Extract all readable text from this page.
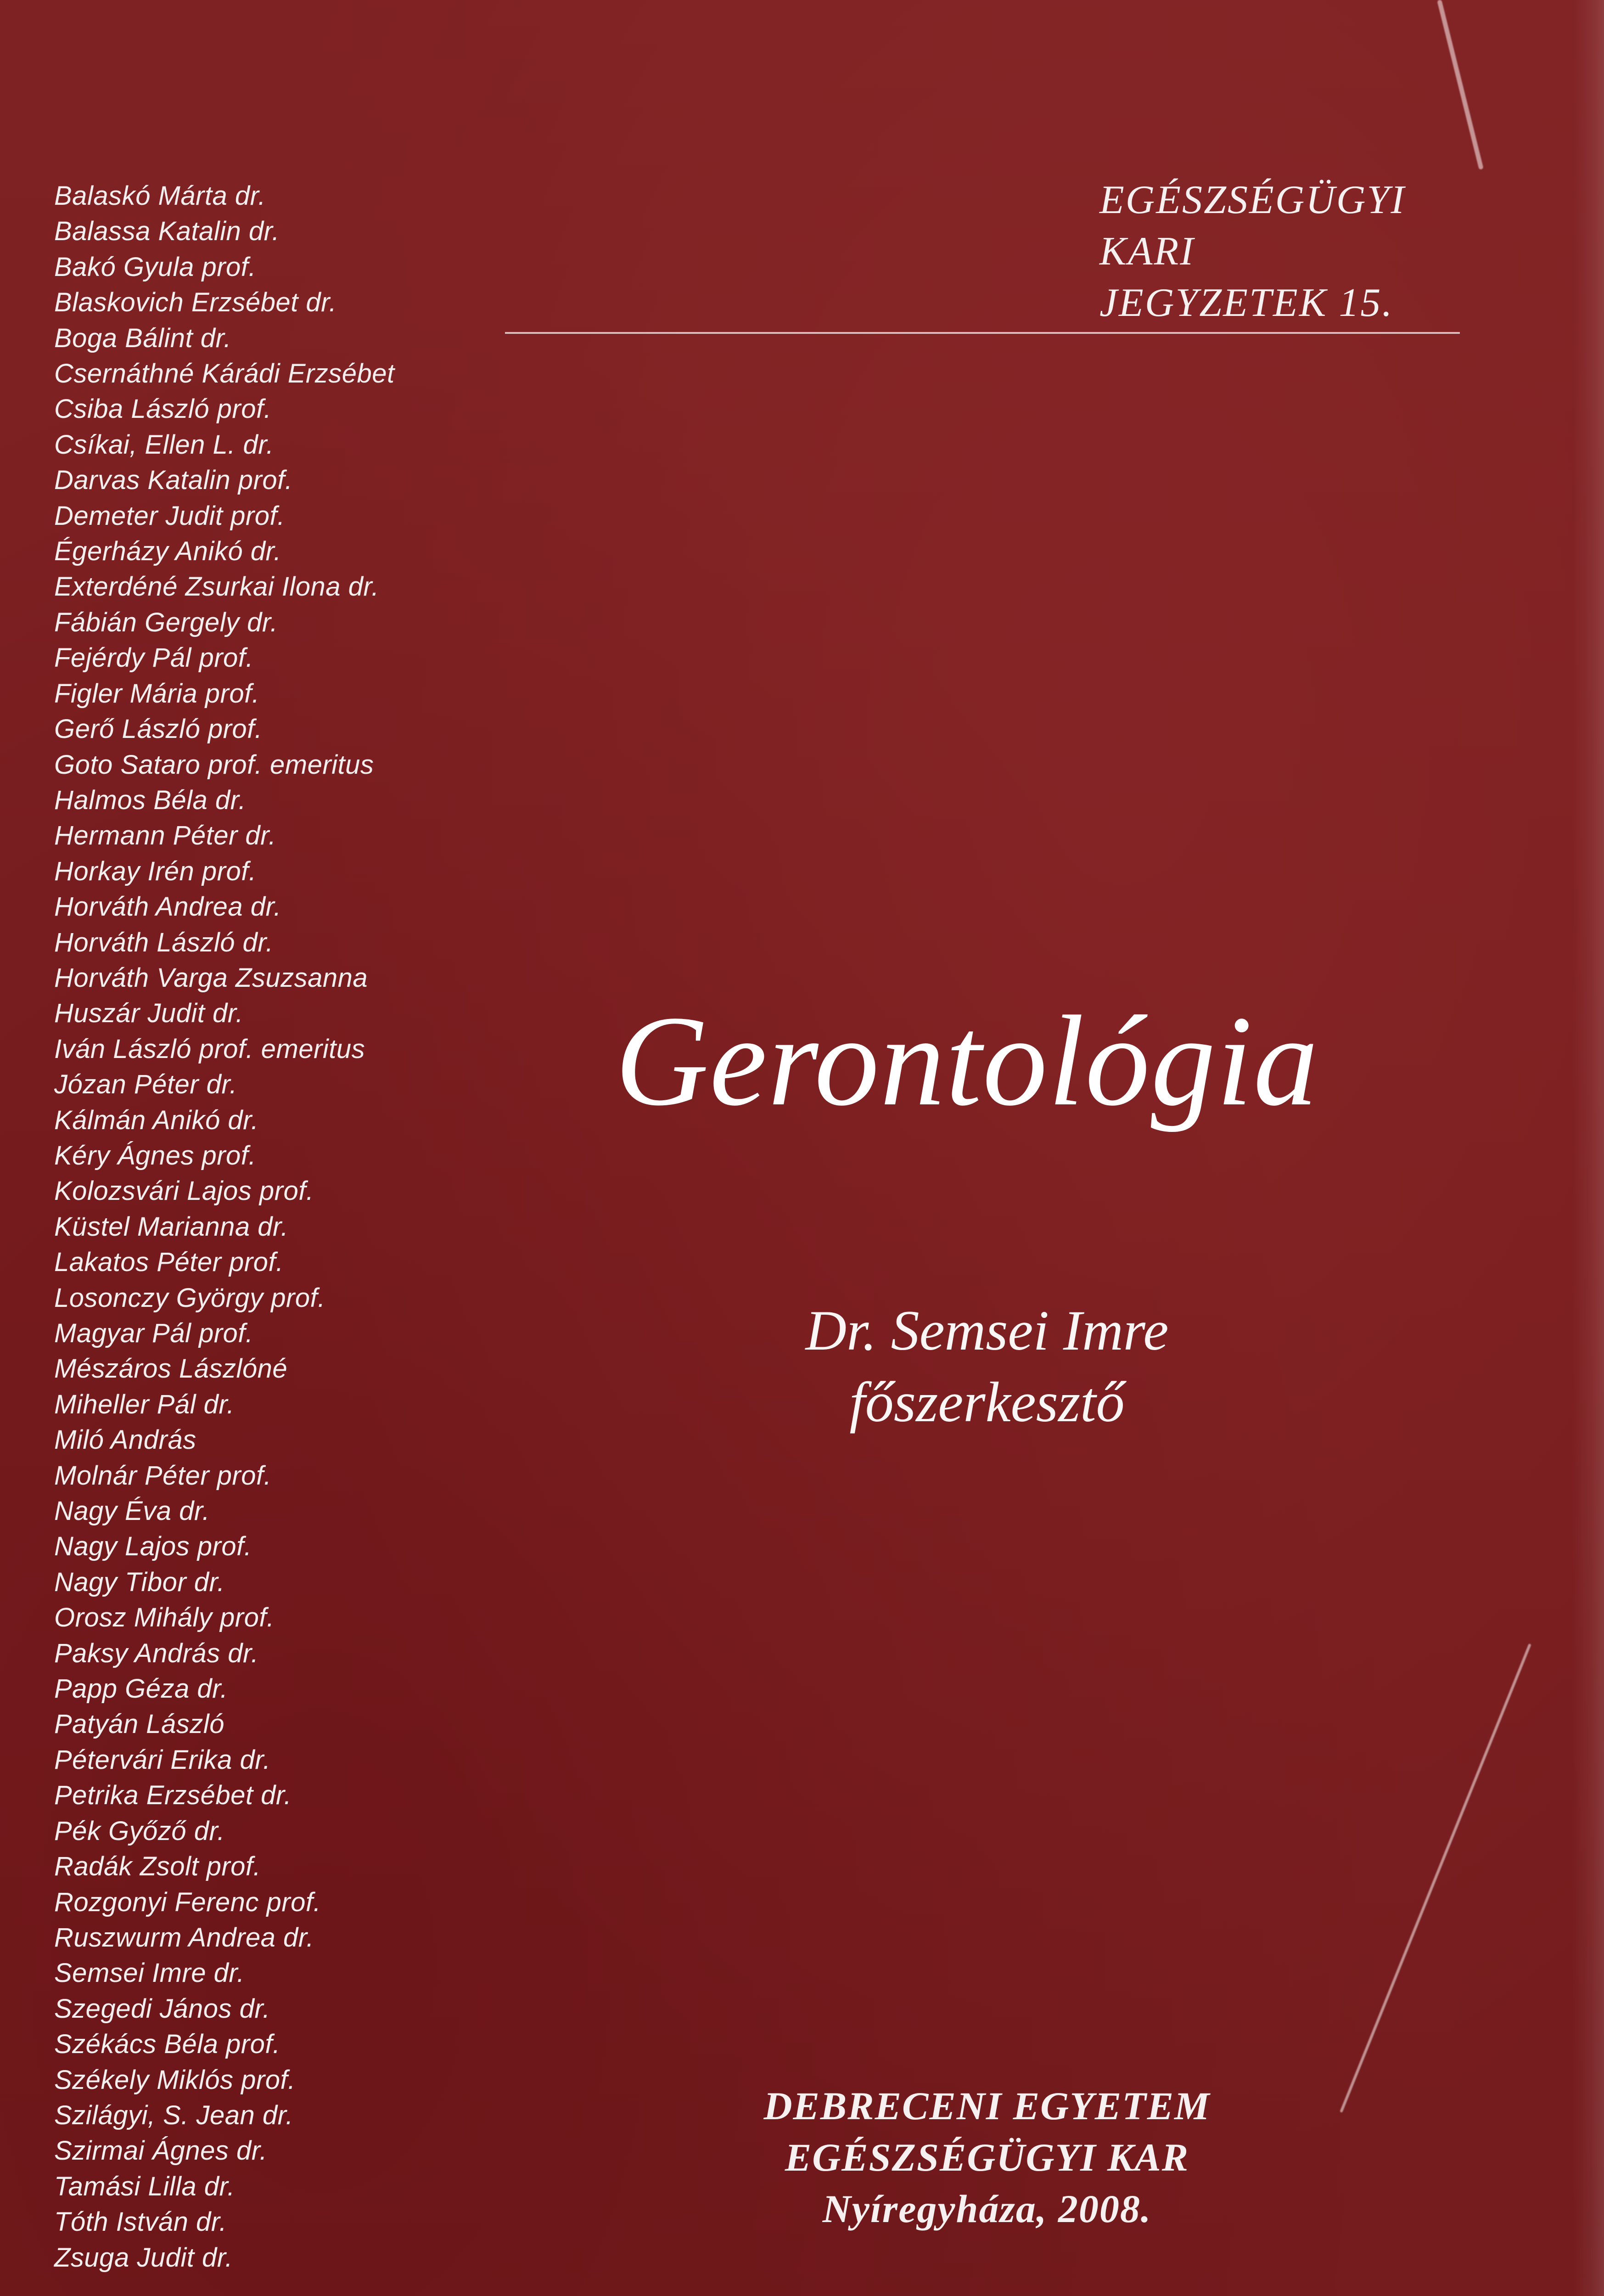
Balaskó Márta dr.
Balassa Katalin dr.
Bakó Gyula prof.
Blaskovich Erzsébet dr.
Boga Bálint dr.
Csernáthné Kárádi Erzsébet
Csiba László prof.
Csíkai, Ellen L. dr.
Darvas Katalin prof.
Demeter Judit prof.
Égerházy Anikó dr.
Exterdéné Zsurkai Ilona dr.
Fábián Gergely dr.
Fejérdy Pál prof.
Figler Mária prof.
Gerő László prof.
Goto Sataro prof. emeritus
Halmos Béla dr.
Hermann Péter dr.
Horkay Irén prof.
Horváth Andrea dr.
Horváth László dr.
Horváth Varga Zsuzsanna
Huszár Judit dr.
Iván László prof. emeritus
Józan Péter dr.
Kálmán Anikó dr.
Kéry Ágnes prof.
Kolozsvári Lajos prof.
Küstel Marianna dr.
Lakatos Péter prof.
Losonczy György prof.
Magyar Pál prof.
Mészáros Lászlóné
Miheller Pál dr.
Miló András
Molnár Péter prof.
Nagy Éva dr.
Nagy Lajos prof.
Nagy Tibor dr.
Orosz Mihály prof.
Paksy András dr.
Papp Géza dr.
Patyán László
Pétervári Erika dr.
Petrika Erzsébet dr.
Pék Győző dr.
Radák Zsolt prof.
Rozgonyi Ferenc prof.
Ruszwurm Andrea dr.
Semsei Imre dr.
Szegedi János dr.
Székács Béla prof.
Székely Miklós prof.
Szilágyi, S. Jean dr.
Szirmai Ágnes dr.
Tamási Lilla dr.
Tóth István dr.
Zsuga Judit dr.
EGÉSZSÉGÜGYI
KARI
JEGYZETEK 15.
Gerontológia
Dr. Semsei Imre
főszerkesztő
DEBRECENI EGYETEM
EGÉSZSÉGÜGYI KAR
Nyíregyháza, 2008.
